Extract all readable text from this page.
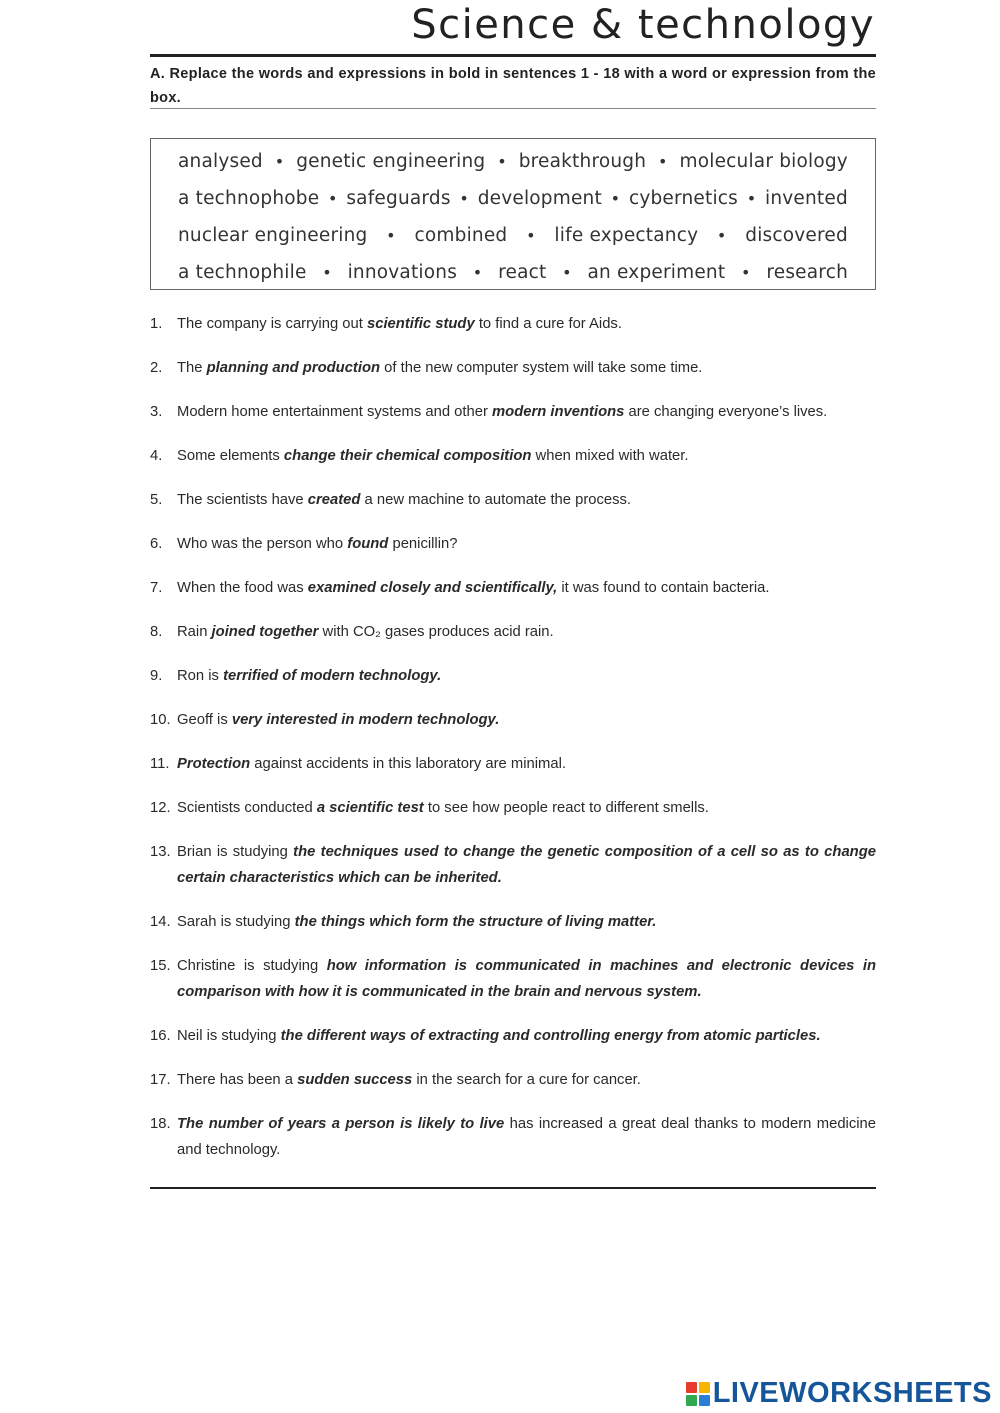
Science & technology
A. Replace the words and expressions in bold in sentences 1 - 18 with a word or expression from the box.
analysed • genetic engineering • breakthrough • molecular biology
a technophobe • safeguards • development • cybernetics • invented
nuclear engineering • combined • life expectancy • discovered
a technophile • innovations • react • an experiment • research
1. The company is carrying out scientific study to find a cure for Aids.
2. The planning and production of the new computer system will take some time.
3. Modern home entertainment systems and other modern inventions are changing everyone’s lives.
4. Some elements change their chemical composition when mixed with water.
5. The scientists have created a new machine to automate the process.
6. Who was the person who found penicillin?
7. When the food was examined closely and scientifically, it was found to contain bacteria.
8. Rain joined together with CO₂ gases produces acid rain.
9. Ron is terrified of modern technology.
10. Geoff is very interested in modern technology.
11. Protection against accidents in this laboratory are minimal.
12. Scientists conducted a scientific test to see how people react to different smells.
13. Brian is studying the techniques used to change the genetic composition of a cell so as to change certain characteristics which can be inherited.
14. Sarah is studying the things which form the structure of living matter.
15. Christine is studying how information is communicated in machines and electronic devices in comparison with how it is communicated in the brain and nervous system.
16. Neil is studying the different ways of extracting and controlling energy from atomic particles.
17. There has been a sudden success in the search for a cure for cancer.
18. The number of years a person is likely to live has increased a great deal thanks to modern medicine and technology.
LIVEWORKSHEETS
